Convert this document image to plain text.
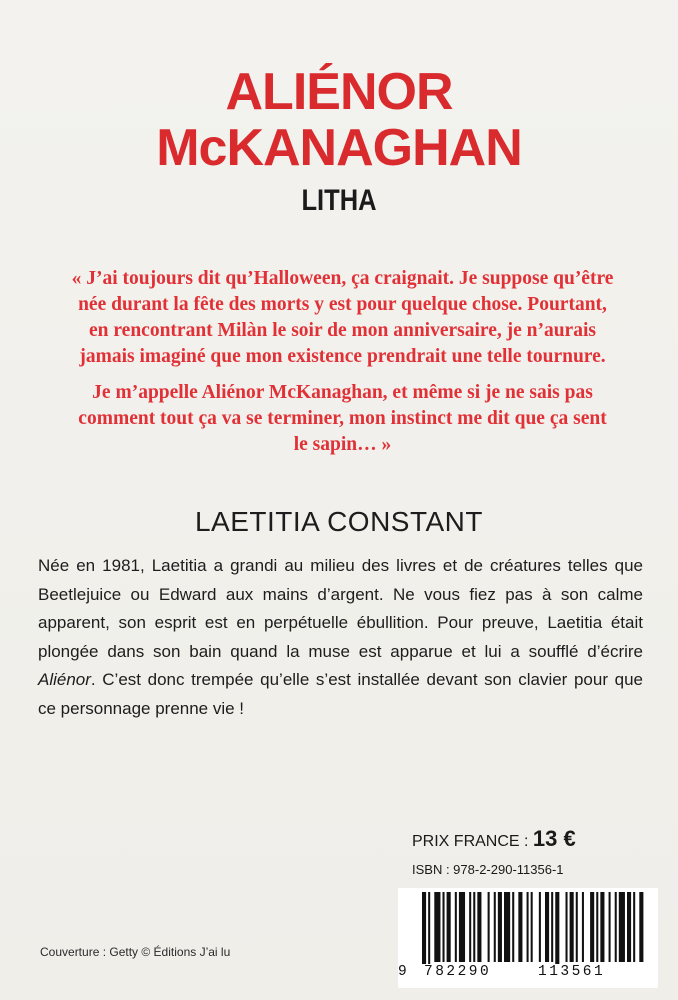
ALIÉNOR
McKANAGHAN
LITHA

« J’ai toujours dit qu’Halloween, ça craignait. Je suppose qu’être née durant la fête des morts y est pour quelque chose. Pourtant, en rencontrant Milàn le soir de mon anniversaire, je n’aurais jamais imaginé que mon existence prendrait une telle tournure.

Je m’appelle Aliénor McKanaghan, et même si je ne sais pas comment tout ça va se terminer, mon instinct me dit que ça sent le sapin… »

LAETITIA CONSTANT
Née en 1981, Laetitia a grandi au milieu des livres et de créatures telles que Beetlejuice ou Edward aux mains d’argent. Ne vous fiez pas à son calme apparent, son esprit est en perpétuelle ébullition. Pour preuve, Laetitia était plongée dans son bain quand la muse est apparue et lui a soufflé d’écrire Aliénor. C’est donc trempée qu’elle s’est installée devant son clavier pour que ce personnage prenne vie !
PRIX FRANCE : 13 €
ISBN : 978-2-290-11356-1
9 782290	113561
Couverture : Getty © Éditions J’ai lu
